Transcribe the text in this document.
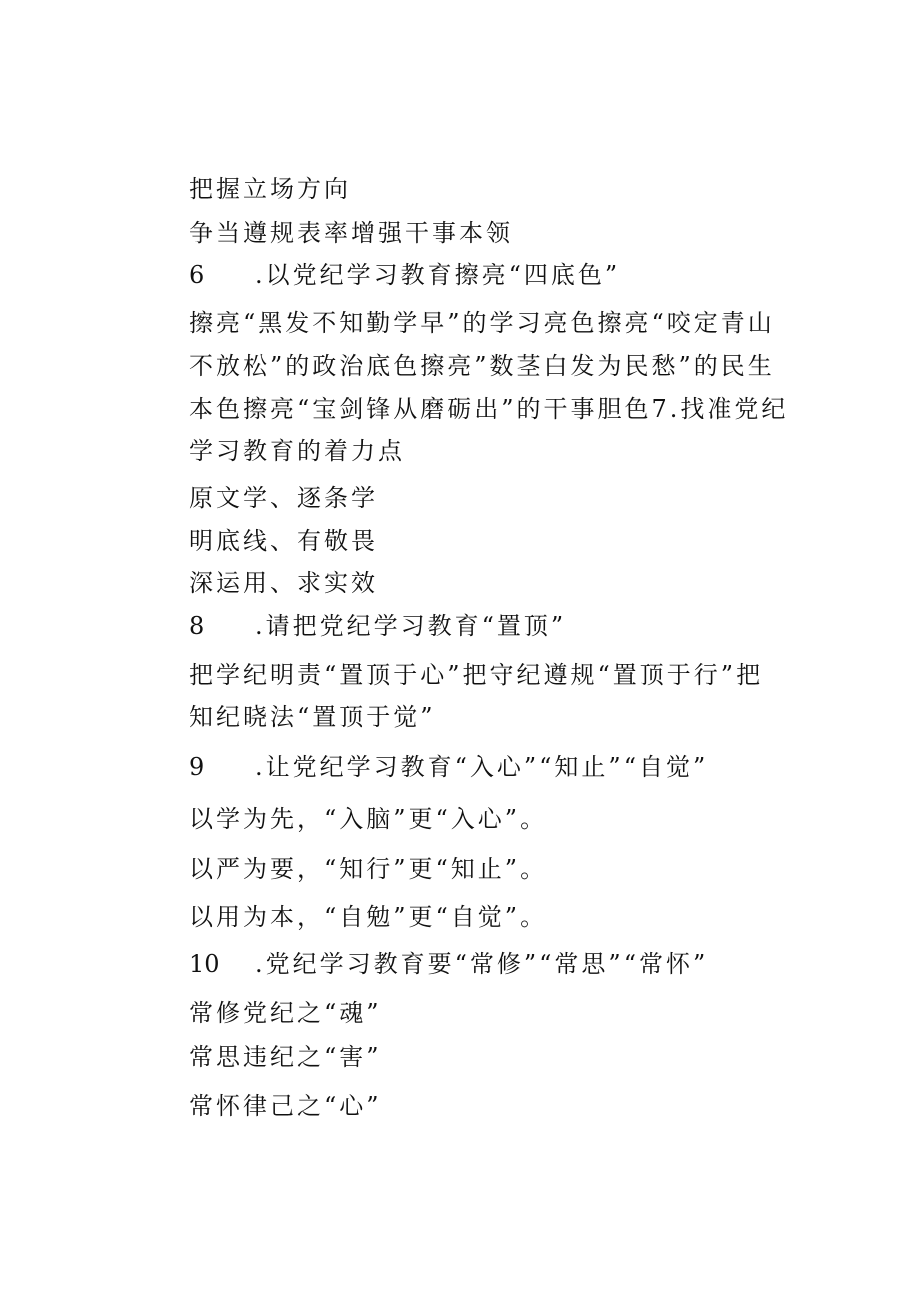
把握立场方向
争当遵规表率增强干事本领
6 .以党纪学习教育擦亮“四底色”
擦亮“黑发不知勤学早”的学习亮色擦亮“咬定青山
不放松”的政治底色擦亮”数茎白发为民愁”的民生
本色擦亮“宝剑锋从磨砺出”的干事胆色7.找准党纪
学习教育的着力点
原文学、逐条学
明底线、有敬畏
深运用、求实效
8 .请把党纪学习教育“置顶”
把学纪明责“置顶于心”把守纪遵规“置顶于行”把
知纪晓法“置顶于觉”
9 .让党纪学习教育“入心”“知止”“自觉”
以学为先，“入脑”更“入心”。
以严为要，“知行”更“知止”。
以用为本，“自勉”更“自觉”。
10 .党纪学习教育要“常修”“常思”“常怀”
常修党纪之“魂”
常思违纪之“害”
常怀律己之“心”
